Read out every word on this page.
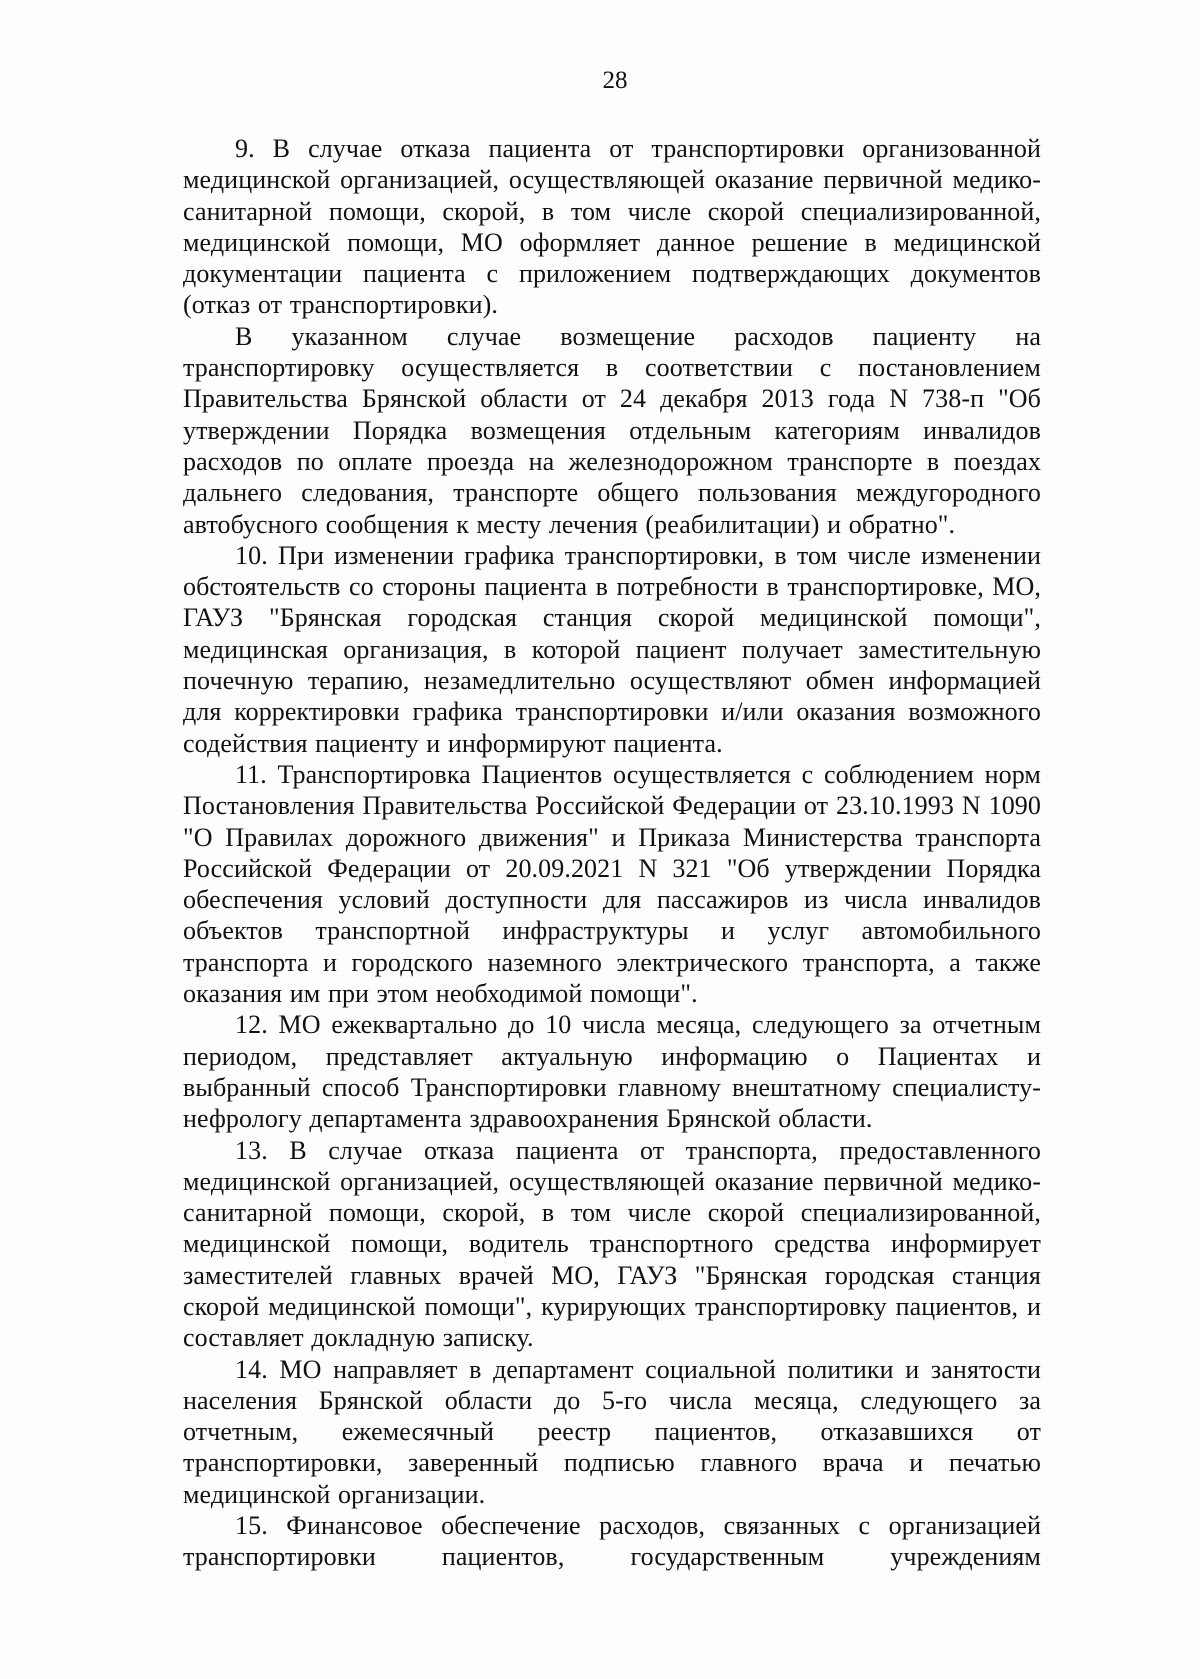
28

9. В случае отказа пациента от транспортировки организованной медицинской организацией, осуществляющей оказание первичной медико-санитарной помощи, скорой, в том числе скорой специализированной, медицинской помощи, МО оформляет данное решение в медицинской документации пациента с приложением подтверждающих документов (отказ от транспортировки).

В указанном случае возмещение расходов пациенту на транспортировку осуществляется в соответствии с постановлением Правительства Брянской области от 24 декабря 2013 года N 738-п "Об утверждении Порядка возмещения отдельным категориям инвалидов расходов по оплате проезда на железнодорожном транспорте в поездах дальнего следования, транспорте общего пользования междугородного автобусного сообщения к месту лечения (реабилитации) и обратно".

10. При изменении графика транспортировки, в том числе изменении обстоятельств со стороны пациента в потребности в транспортировке, МО, ГАУЗ "Брянская городская станция скорой медицинской помощи", медицинская организация, в которой пациент получает заместительную почечную терапию, незамедлительно осуществляют обмен информацией для корректировки графика транспортировки и/или оказания возможного содействия пациенту и информируют пациента.

11. Транспортировка Пациентов осуществляется с соблюдением норм Постановления Правительства Российской Федерации от 23.10.1993 N 1090 "О Правилах дорожного движения" и Приказа Министерства транспорта Российской Федерации от 20.09.2021 N 321 "Об утверждении Порядка обеспечения условий доступности для пассажиров из числа инвалидов объектов транспортной инфраструктуры и услуг автомобильного транспорта и городского наземного электрического транспорта, а также оказания им при этом необходимой помощи".

12. МО ежеквартально до 10 числа месяца, следующего за отчетным периодом, представляет актуальную информацию о Пациентах и выбранный способ Транспортировки главному внештатному специалисту-нефрологу департамента здравоохранения Брянской области.

13. В случае отказа пациента от транспорта, предоставленного медицинской организацией, осуществляющей оказание первичной медико-санитарной помощи, скорой, в том числе скорой специализированной, медицинской помощи, водитель транспортного средства информирует заместителей главных врачей МО, ГАУЗ "Брянская городская станция скорой медицинской помощи", курирующих транспортировку пациентов, и составляет докладную записку.

14. МО направляет в департамент социальной политики и занятости населения Брянской области до 5-го числа месяца, следующего за отчетным, ежемесячный реестр пациентов, отказавшихся от транспортировки, заверенный подписью главного врача и печатью медицинской организации.

15. Финансовое обеспечение расходов, связанных с организацией транспортировки пациентов, государственным учреждениям
